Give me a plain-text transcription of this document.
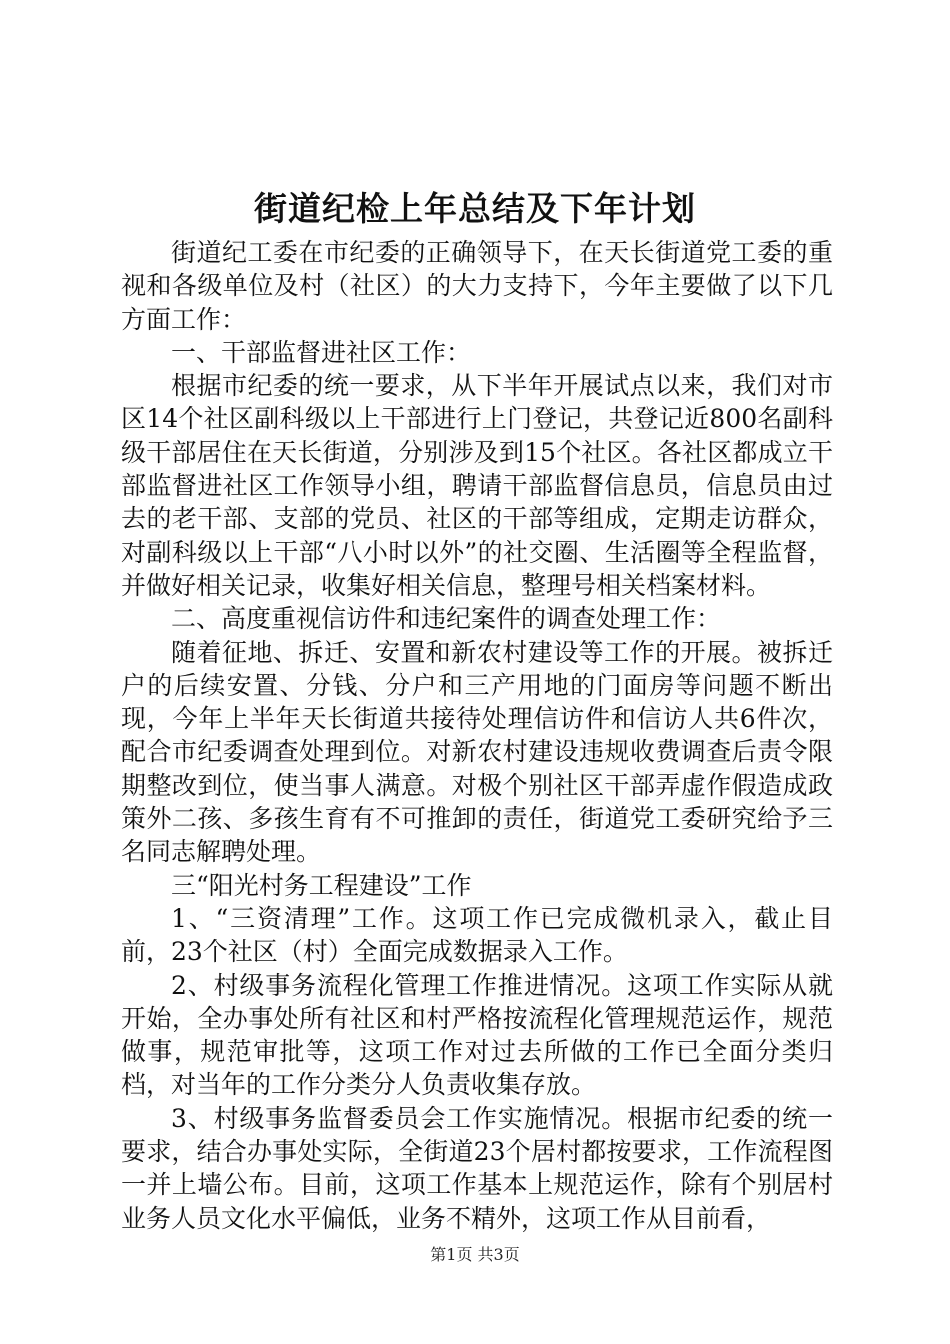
街道纪检上年总结及下年计划

街道纪工委在市纪委的正确领导下，在天长街道党工委的重视和各级单位及村（社区）的大力支持下，今年主要做了以下几方面工作：

一、干部监督进社区工作：

根据市纪委的统一要求，从下半年开展试点以来，我们对市区14个社区副科级以上干部进行上门登记，共登记近800名副科级干部居住在天长街道，分别涉及到15个社区。各社区都成立干部监督进社区工作领导小组，聘请干部监督信息员，信息员由过去的老干部、支部的党员、社区的干部等组成，定期走访群众，对副科级以上干部“八小时以外”的社交圈、生活圈等全程监督，并做好相关记录，收集好相关信息，整理号相关档案材料。

二、高度重视信访件和违纪案件的调查处理工作：

随着征地、拆迁、安置和新农村建设等工作的开展。被拆迁户的后续安置、分钱、分户和三产用地的门面房等问题不断出现，今年上半年天长街道共接待处理信访件和信访人共6件次，配合市纪委调查处理到位。对新农村建设违规收费调查后责令限期整改到位，使当事人满意。对极个别社区干部弄虚作假造成政策外二孩、多孩生育有不可推卸的责任，街道党工委研究给予三名同志解聘处理。

三“阳光村务工程建设”工作

1、“三资清理”工作。这项工作已完成微机录入，截止目前，23个社区（村）全面完成数据录入工作。

2、村级事务流程化管理工作推进情况。这项工作实际从就开始，全办事处所有社区和村严格按流程化管理规范运作，规范做事，规范审批等，这项工作对过去所做的工作已全面分类归档，对当年的工作分类分人负责收集存放。

3、村级事务监督委员会工作实施情况。根据市纪委的统一要求，结合办事处实际，全街道23个居村都按要求，工作流程图一并上墙公布。目前，这项工作基本上规范运作，除有个别居村业务人员文化水平偏低，业务不精外，这项工作从目前看，

第1页 共3页
